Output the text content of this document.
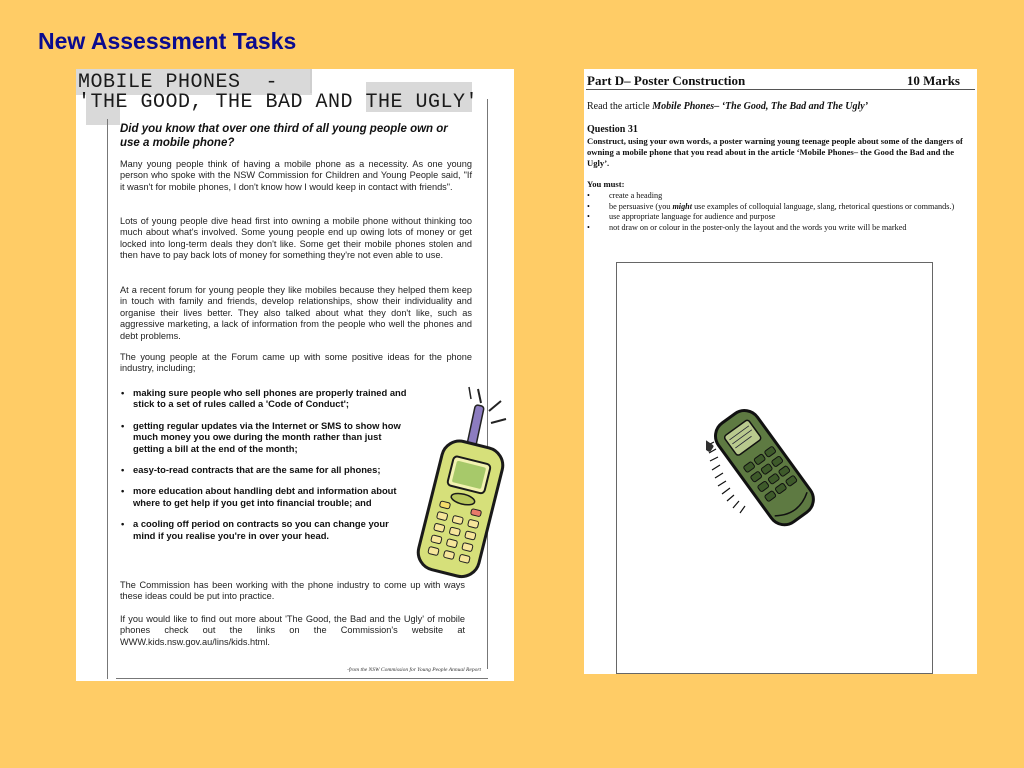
New Assessment Tasks
MOBILE PHONES  -
'THE GOOD, THE BAD AND THE UGLY'
Did you know that over one third of all young people own or use a mobile phone?

Many young people think of having a mobile phone as a necessity. As one young person who spoke with the NSW Commission for Children and Young People said, "If it wasn't for mobile phones, I don't know how I would keep in contact with friends".

Lots of young people dive head first into owning a mobile phone without thinking too much about what's involved. Some young people end up owing lots of money or get locked into long-term deals they don't like. Some get their mobile phones stolen and then have to pay back lots of money for something they're not even able to use.

At a recent forum for young people they like mobiles because they helped them keep in touch with family and friends, develop relationships, show their individuality and organise their lives better. They also talked about what they don't like, such as aggressive marketing, a lack of information from the people who well the phones and debt problems.

The young people at the Forum came up with some positive ideas for the phone industry, including;

• making sure people who sell phones are properly trained and stick to a set of rules called a 'Code of Conduct';
• getting regular updates via the Internet or SMS to show how much money you owe during the month rather than just getting a bill at the end of the month;
• easy-to-read contracts that are the same for all phones;
• more education about handling debt and information about where to get help if you get into financial trouble; and
• a cooling off period on contracts so you can change your mind if you realise you're in over your head.

The Commission has been working with the phone industry to come up with ways these ideas could be put into practice.

If you would like to find out more about 'The Good, the Bad and the Ugly' of mobile phones check out the links on the Commission's website at WWW.kids.nsw.gov.au/lins/kids.html.

-from the NSW Commission for Young People Annual Report
Part D– Poster Construction	10 Marks
Read the article Mobile Phones– ‘The Good, The Bad and The Ugly’
Question 31
Construct, using your own words, a poster warning young teenage people about some of the dangers of owning a mobile phone that you read about in the article ‘Mobile Phones– the Good the Bad and the Ugly’.
You must:
• create a heading
• be persuasive (you might use examples of colloquial language, slang, rhetorical questions or commands.)
• use appropriate language for audience and purpose
• not draw on or colour in the poster-only the layout and the words you write will be marked
